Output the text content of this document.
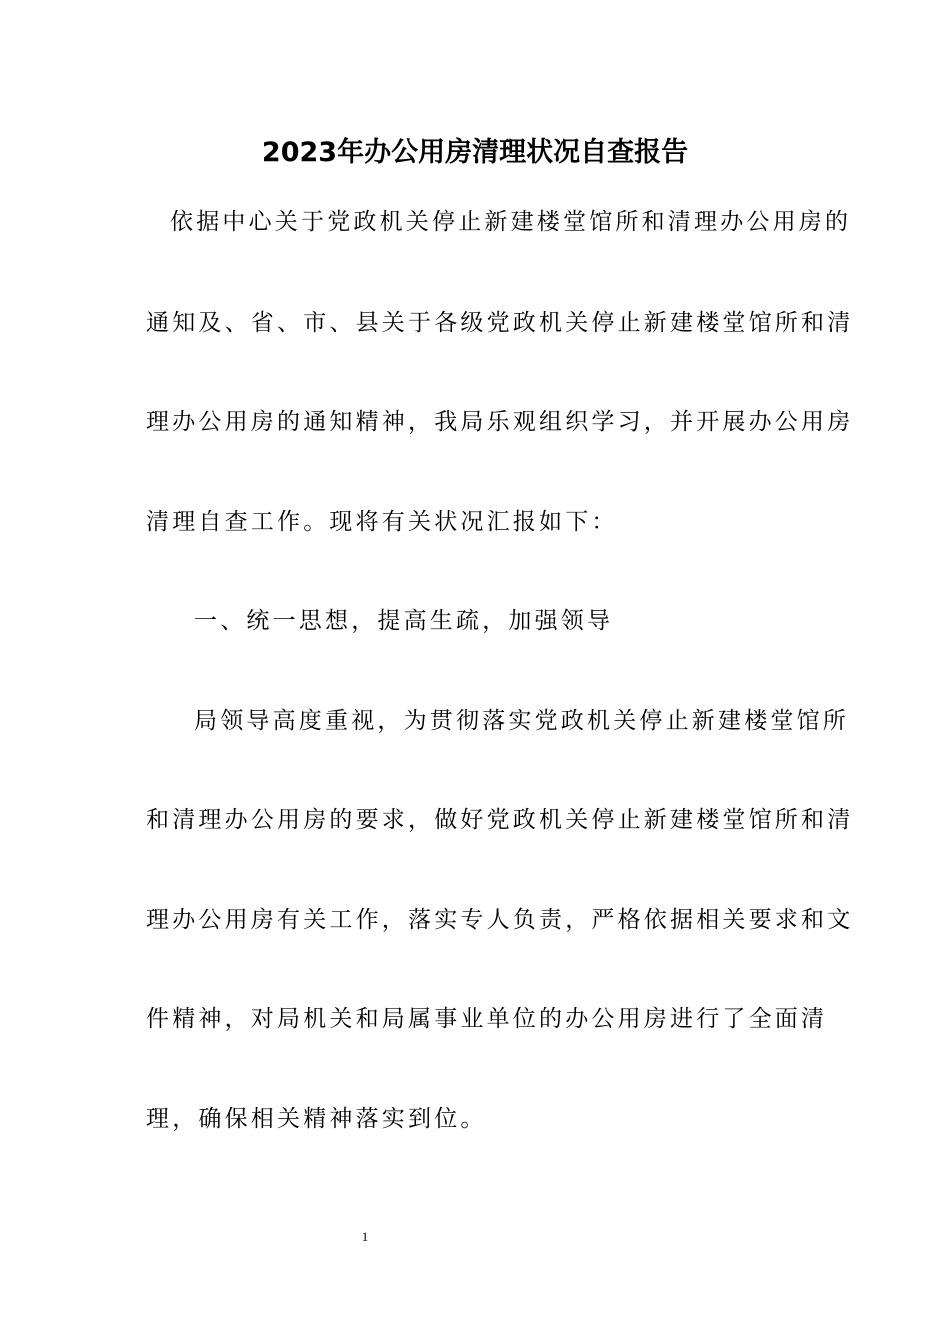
2023年办公用房清理状况自查报告
依据中心关于党政机关停止新建楼堂馆所和清理办公用房的
通知及、省、市、县关于各级党政机关停止新建楼堂馆所和清
理办公用房的通知精神，我局乐观组织学习，并开展办公用房
清理自查工作。现将有关状况汇报如下：
一、统一思想，提高生疏，加强领导
局领导高度重视，为贯彻落实党政机关停止新建楼堂馆所
和清理办公用房的要求，做好党政机关停止新建楼堂馆所和清
理办公用房有关工作，落实专人负责，严格依据相关要求和文
件精神，对局机关和局属事业单位的办公用房进行了全面清
理，确保相关精神落实到位。
1
